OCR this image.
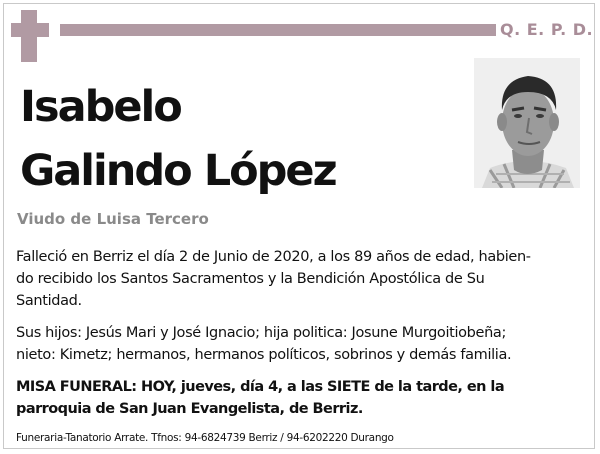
Q. E. P. D.
Isabelo
Galindo López
Viudo de Luisa Tercero
Falleció en Berriz el día 2 de Junio de 2020, a los 89 años de edad, habien-
do recibido los Santos Sacramentos y la Bendición Apostólica de Su
Santidad.
Sus hijos: Jesús Mari y José Ignacio; hija politica: Josune Murgoitiobeña;
nieto: Kimetz; hermanos, hermanos políticos, sobrinos y demás familia.
MISA FUNERAL: HOY, jueves, día 4, a las SIETE de la tarde, en la
parroquia de San Juan Evangelista, de Berriz.
Funeraria-Tanatorio Arrate. Tfnos: 94-6824739 Berriz / 94-6202220 Durango
